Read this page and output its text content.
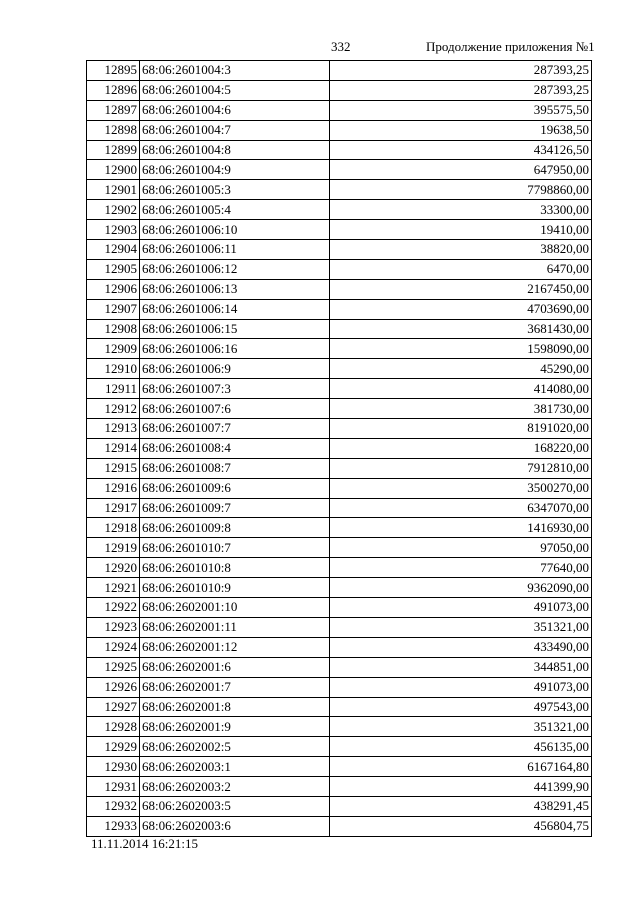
332	Продолжение приложения №1
12895	68:06:2601004:3	287393,25
12896	68:06:2601004:5	287393,25
12897	68:06:2601004:6	395575,50
12898	68:06:2601004:7	19638,50
12899	68:06:2601004:8	434126,50
12900	68:06:2601004:9	647950,00
12901	68:06:2601005:3	7798860,00
12902	68:06:2601005:4	33300,00
12903	68:06:2601006:10	19410,00
12904	68:06:2601006:11	38820,00
12905	68:06:2601006:12	6470,00
12906	68:06:2601006:13	2167450,00
12907	68:06:2601006:14	4703690,00
12908	68:06:2601006:15	3681430,00
12909	68:06:2601006:16	1598090,00
12910	68:06:2601006:9	45290,00
12911	68:06:2601007:3	414080,00
12912	68:06:2601007:6	381730,00
12913	68:06:2601007:7	8191020,00
12914	68:06:2601008:4	168220,00
12915	68:06:2601008:7	7912810,00
12916	68:06:2601009:6	3500270,00
12917	68:06:2601009:7	6347070,00
12918	68:06:2601009:8	1416930,00
12919	68:06:2601010:7	97050,00
12920	68:06:2601010:8	77640,00
12921	68:06:2601010:9	9362090,00
12922	68:06:2602001:10	491073,00
12923	68:06:2602001:11	351321,00
12924	68:06:2602001:12	433490,00
12925	68:06:2602001:6	344851,00
12926	68:06:2602001:7	491073,00
12927	68:06:2602001:8	497543,00
12928	68:06:2602001:9	351321,00
12929	68:06:2602002:5	456135,00
12930	68:06:2602003:1	6167164,80
12931	68:06:2602003:2	441399,90
12932	68:06:2602003:5	438291,45
12933	68:06:2602003:6	456804,75
11.11.2014 16:21:15
